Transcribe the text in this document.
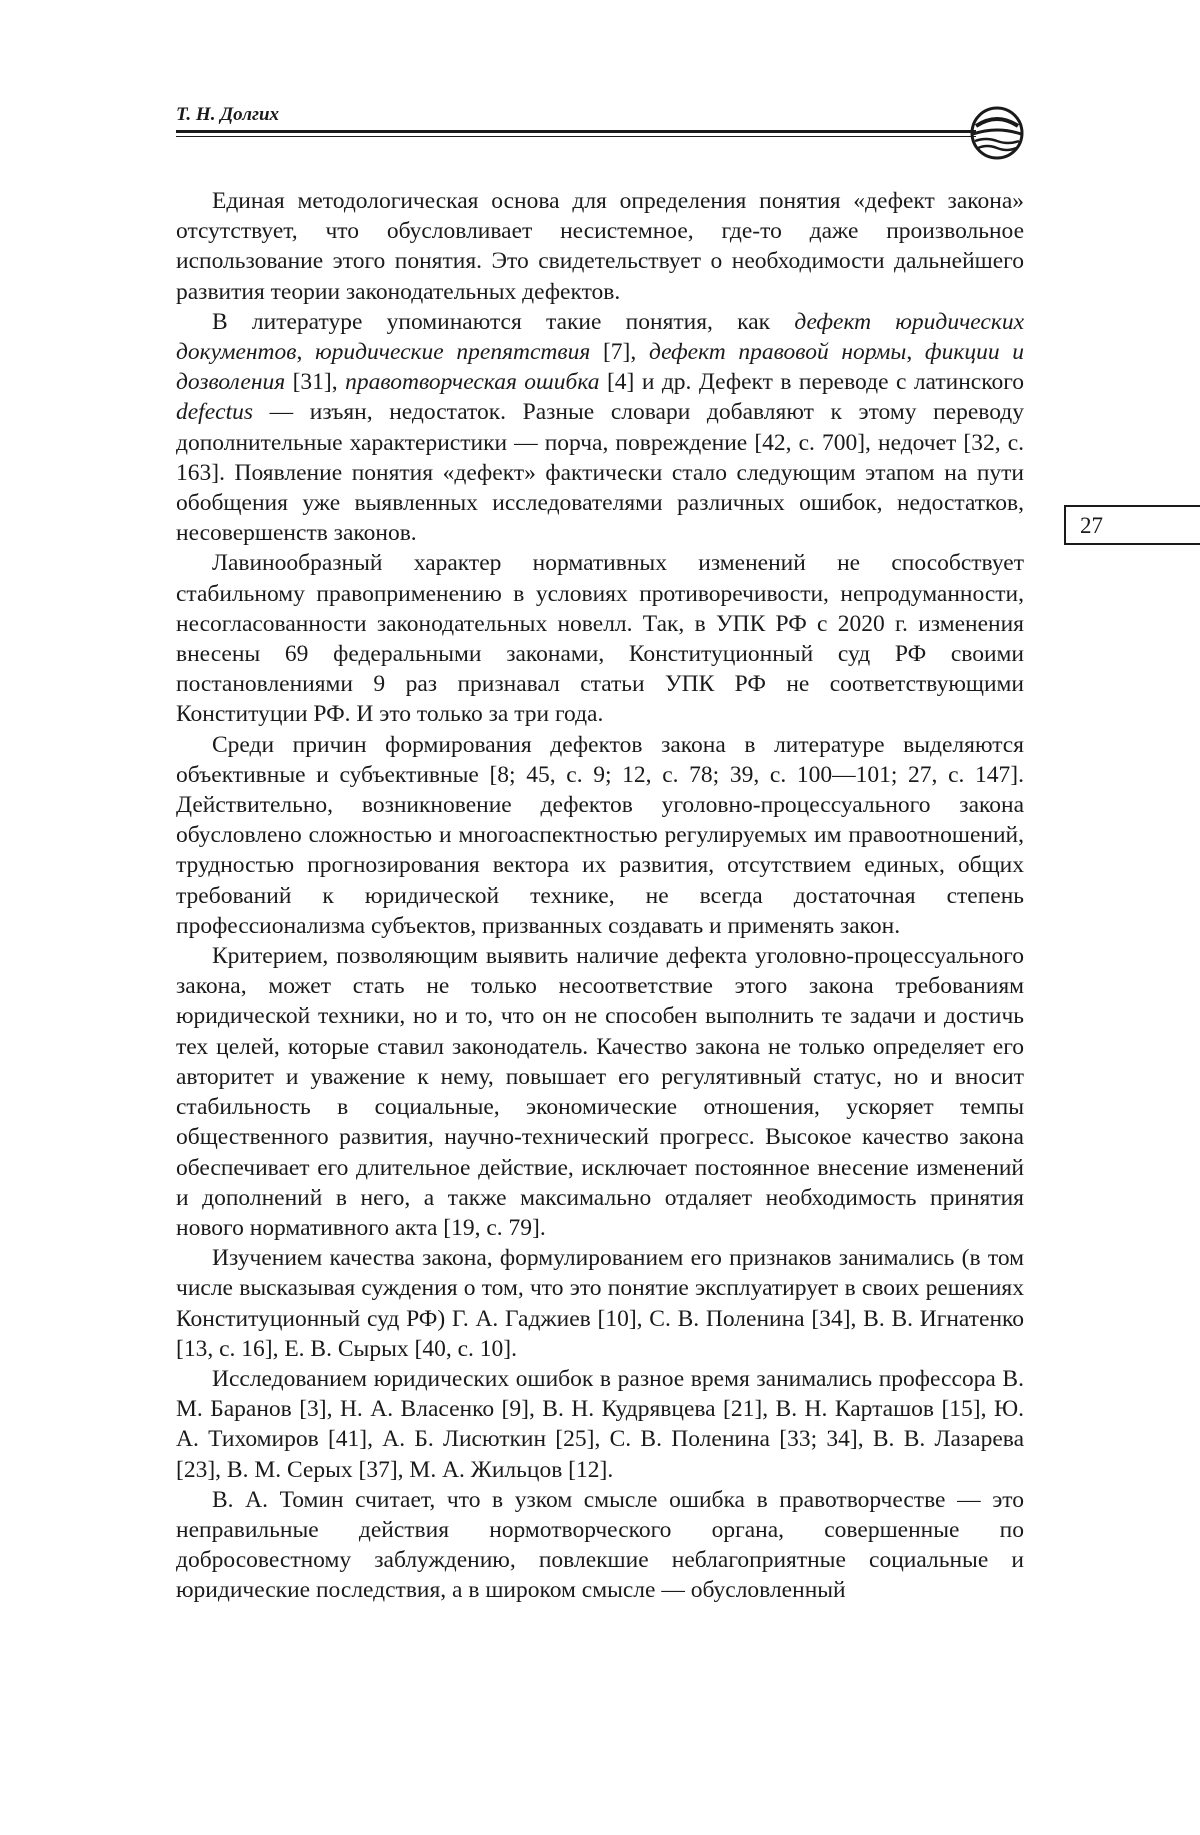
Т. Н. Долгих

27

Единая методологическая основа для определения понятия «дефект закона» отсутствует, что обусловливает несистемное, где-то даже произвольное использование этого понятия. Это свидетельствует о необходимости дальнейшего развития теории законодательных дефектов.

В литературе упоминаются такие понятия, как дефект юридических документов, юридические препятствия [7], дефект правовой нормы, фикции и дозволения [31], правотворческая ошибка [4] и др. Дефект в переводе с латинского defectus — изъян, недостаток. Разные словари добавляют к этому переводу дополнительные характеристики — порча, повреждение [42, с. 700], недочет [32, с. 163]. Появление понятия «дефект» фактически стало следующим этапом на пути обобщения уже выявленных исследователями различных ошибок, недостатков, несовершенств законов.

Лавинообразный характер нормативных изменений не способствует стабильному правоприменению в условиях противоречивости, непродуманности, несогласованности законодательных новелл. Так, в УПК РФ с 2020 г. изменения внесены 69 федеральными законами, Конституционный суд РФ своими постановлениями 9 раз признавал статьи УПК РФ не соответствующими Конституции РФ. И это только за три года.

Среди причин формирования дефектов закона в литературе выделяются объективные и субъективные [8; 45, с. 9; 12, с. 78; 39, с. 100—101; 27, с. 147]. Действительно, возникновение дефектов уголовно-процессуального закона обусловлено сложностью и многоаспектностью регулируемых им правоотношений, трудностью прогнозирования вектора их развития, отсутствием единых, общих требований к юридической технике, не всегда достаточная степень профессионализма субъектов, призванных создавать и применять закон.

Критерием, позволяющим выявить наличие дефекта уголовно-процессуального закона, может стать не только несоответствие этого закона требованиям юридической техники, но и то, что он не способен выполнить те задачи и достичь тех целей, которые ставил законодатель. Качество закона не только определяет его авторитет и уважение к нему, повышает его регулятивный статус, но и вносит стабильность в социальные, экономические отношения, ускоряет темпы общественного развития, научно-технический прогресс. Высокое качество закона обеспечивает его длительное действие, исключает постоянное внесение изменений и дополнений в него, а также максимально отдаляет необходимость принятия нового нормативного акта [19, с. 79].

Изучением качества закона, формулированием его признаков занимались (в том числе высказывая суждения о том, что это понятие эксплуатирует в своих решениях Конституционный суд РФ) Г. А. Гаджиев [10], С. В. Поленина [34], В. В. Игнатенко [13, с. 16], Е. В. Сырых [40, с. 10].

Исследованием юридических ошибок в разное время занимались профессора В. М. Баранов [3], Н. А. Власенко [9], В. Н. Кудрявцева [21], В. Н. Карташов [15], Ю. А. Тихомиров [41], А. Б. Лисюткин [25], С. В. Поленина [33; 34], В. В. Лазарева [23], В. М. Серых [37], М. А. Жильцов [12].

В. А. Томин считает, что в узком смысле ошибка в правотворчестве — это неправильные действия нормотворческого органа, совершенные по добросовестному заблуждению, повлекшие неблагоприятные социальные и юридические последствия, а в широком смысле — обусловленный
